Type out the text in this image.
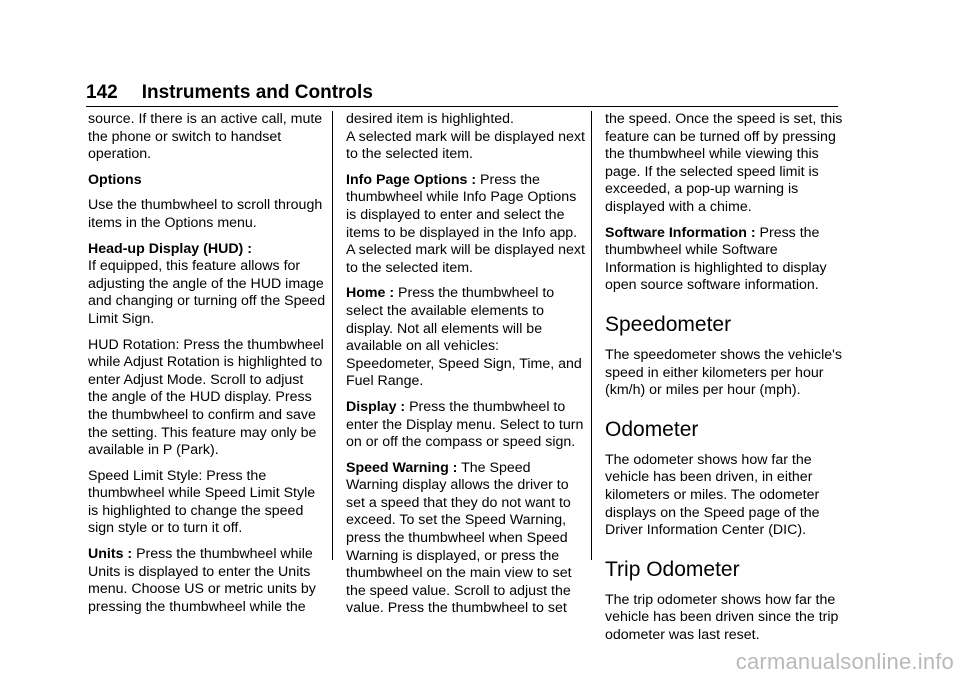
142 Instruments and Controls

source. If there is an active call, mute the phone or switch to handset operation.

Options

Use the thumbwheel to scroll through items in the Options menu.

Head-up Display (HUD) :
If equipped, this feature allows for adjusting the angle of the HUD image and changing or turning off the Speed Limit Sign.

HUD Rotation: Press the thumbwheel while Adjust Rotation is highlighted to enter Adjust Mode. Scroll to adjust the angle of the HUD display. Press the thumbwheel to confirm and save the setting. This feature may only be available in P (Park).

Speed Limit Style: Press the thumbwheel while Speed Limit Style is highlighted to change the speed sign style or to turn it off.

Units : Press the thumbwheel while Units is displayed to enter the Units menu. Choose US or metric units by pressing the thumbwheel while the

desired item is highlighted.
A selected mark will be displayed next to the selected item.

Info Page Options : Press the thumbwheel while Info Page Options is displayed to enter and select the items to be displayed in the Info app. A selected mark will be displayed next to the selected item.

Home : Press the thumbwheel to select the available elements to display. Not all elements will be available on all vehicles: Speedometer, Speed Sign, Time, and Fuel Range.

Display : Press the thumbwheel to enter the Display menu. Select to turn on or off the compass or speed sign.

Speed Warning : The Speed Warning display allows the driver to set a speed that they do not want to exceed. To set the Speed Warning, press the thumbwheel when Speed Warning is displayed, or press the thumbwheel on the main view to set the speed value. Scroll to adjust the value. Press the thumbwheel to set

the speed. Once the speed is set, this feature can be turned off by pressing the thumbwheel while viewing this page. If the selected speed limit is exceeded, a pop-up warning is displayed with a chime.

Software Information : Press the thumbwheel while Software Information is highlighted to display open source software information.

Speedometer

The speedometer shows the vehicle's speed in either kilometers per hour (km/h) or miles per hour (mph).

Odometer

The odometer shows how far the vehicle has been driven, in either kilometers or miles. The odometer displays on the Speed page of the Driver Information Center (DIC).

Trip Odometer

The trip odometer shows how far the vehicle has been driven since the trip odometer was last reset.

carmanualsonline.info
